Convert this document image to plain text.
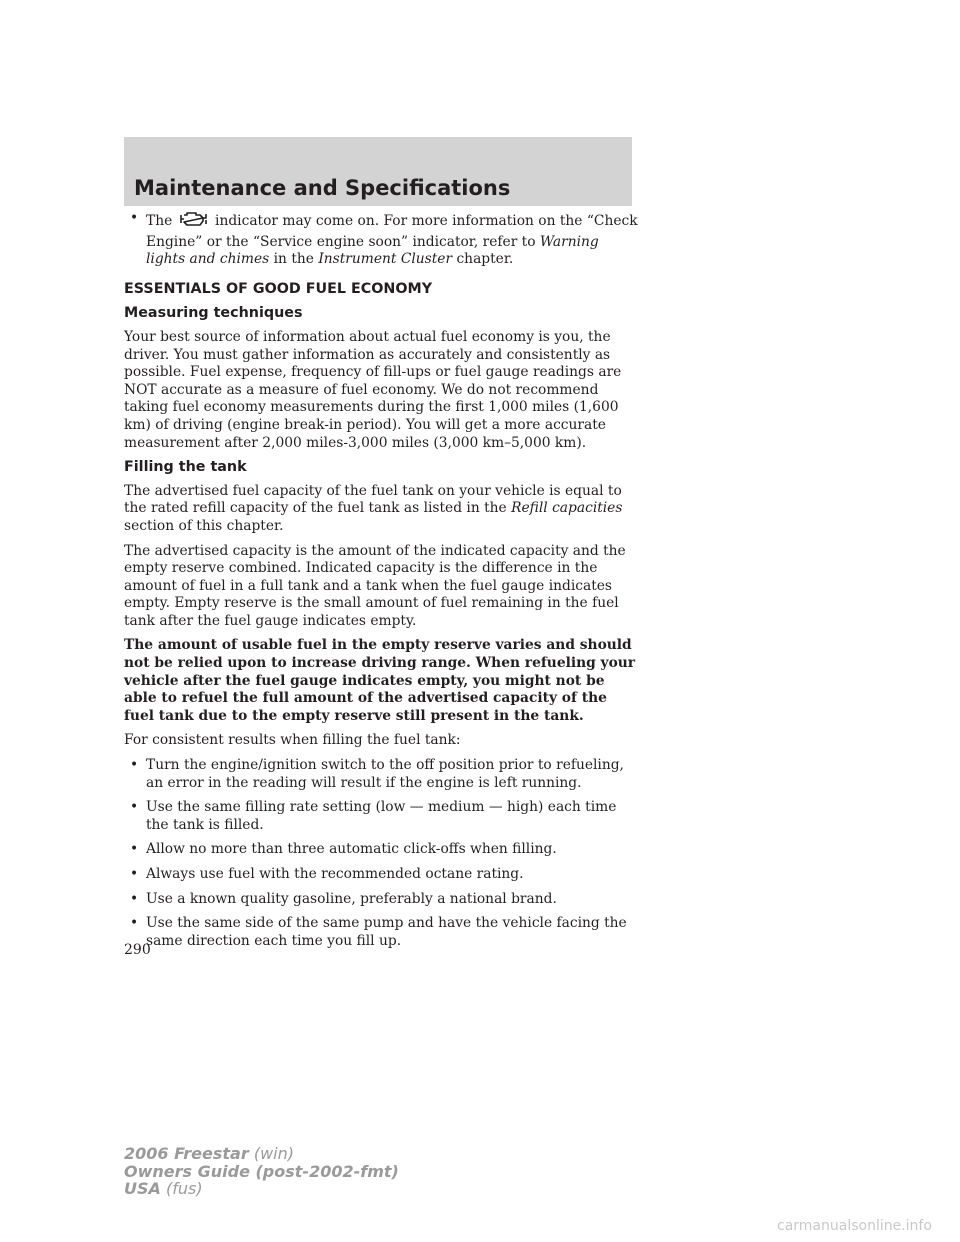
Maintenance and Specifications
• The	indicator may come on. For more information on the “Check Engine” or the “Service engine soon” indicator, refer to Warning lights and chimes in the Instrument Cluster chapter.
ESSENTIALS OF GOOD FUEL ECONOMY
Measuring techniques

Your best source of information about actual fuel economy is you, the driver. You must gather information as accurately and consistently as possible. Fuel expense, frequency of fill-ups or fuel gauge readings are NOT accurate as a measure of fuel economy. We do not recommend taking fuel economy measurements during the first 1,000 miles (1,600 km) of driving (engine break-in period). You will get a more accurate measurement after 2,000 miles-3,000 miles (3,000 km–5,000 km).

Filling the tank

The advertised fuel capacity of the fuel tank on your vehicle is equal to the rated refill capacity of the fuel tank as listed in the Refill capacities section of this chapter.

The advertised capacity is the amount of the indicated capacity and the empty reserve combined. Indicated capacity is the difference in the amount of fuel in a full tank and a tank when the fuel gauge indicates empty. Empty reserve is the small amount of fuel remaining in the fuel tank after the fuel gauge indicates empty.

The amount of usable fuel in the empty reserve varies and should not be relied upon to increase driving range. When refueling your vehicle after the fuel gauge indicates empty, you might not be able to refuel the full amount of the advertised capacity of the fuel tank due to the empty reserve still present in the tank.

For consistent results when filling the fuel tank:

• Turn the engine/ignition switch to the off position prior to refueling, an error in the reading will result if the engine is left running.
• Use the same filling rate setting (low — medium — high) each time the tank is filled.
• Allow no more than three automatic click-offs when filling.
• Always use fuel with the recommended octane rating.
• Use a known quality gasoline, preferably a national brand.
• Use the same side of the same pump and have the vehicle facing the same direction each time you fill up.
290
2006 Freestar (win)
Owners Guide (post-2002-fmt)
USA (fus)
carmanualsonline.info
